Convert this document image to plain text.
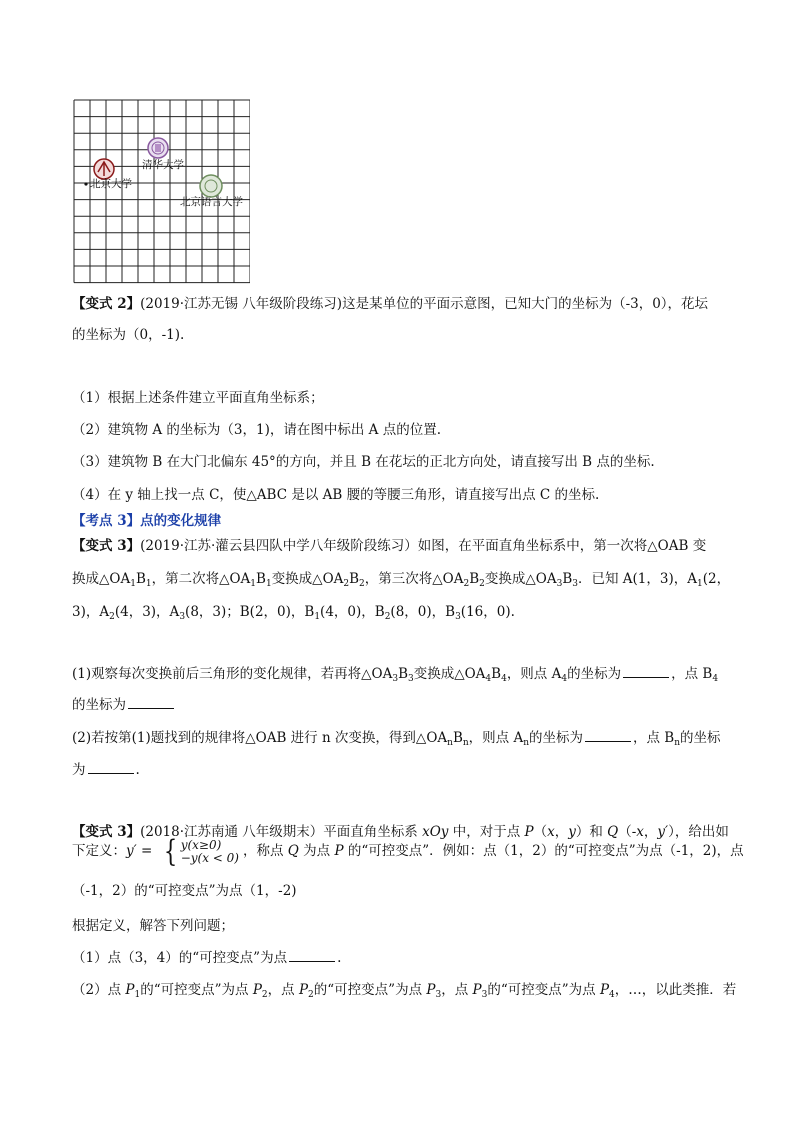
清华大学
北京大学
北京语言大学
【变式 2】(2019·江苏无锡 八年级阶段练习)这是某单位的平面示意图，已知大门的坐标为（-3，0），花坛
的坐标为（0，-1).
（1）根据上述条件建立平面直角坐标系；
（2）建筑物 A 的坐标为（3，1)，请在图中标出 A 点的位置.
（3）建筑物 B 在大门北偏东 45°的方向，并且 B 在花坛的正北方向处，请直接写出 B 点的坐标.
（4）在 y 轴上找一点 C，使△ABC 是以 AB 腰的等腰三角形，请直接写出点 C 的坐标.
【考点 3】点的变化规律
【变式 3】(2019·江苏·灌云县四队中学八年级阶段练习）如图，在平面直角坐标系中，第一次将△OAB 变
换成$\triangle OA_1B_1$，第二次将$\triangle OA_1B_1$变换成$\triangle OA_2B_2$，第三次将$\triangle OA_2B_2$变换成$\triangle OA_3B_3$．已知 A(1，3)，$A_1(2$，
3)，$A_2(4$，3)，$A_3(8$，3)；B(2，0)，$B_1(4$，0)，$B_2(8$，0)，$B_3(16$，0).
(1)观察每次变换前后三角形的变化规律，若再将$\triangle OA_3B_3$变换成$\triangle OA_4B_4$，则点 $A_4$的坐标为	，点 $B_4$
的坐标为
(2)若按第(1)题找到的规律将△OAB 进行 n 次变换，得到$\triangle OA_nB_n$，则点 $A_n$的坐标为	，点 $B_n$的坐标
为	.
【变式 3】(2018·江苏南通 八年级期末）平面直角坐标系 xOy 中，对于点 P（x，y）和 Q（-x，y′），给出如
下定义：y′ = { y(x≥0)
−y(x < 0) ，称点 Q 为点 P 的“可控变点”．例如：点（1，2）的“可控变点”为点（-1，2)，点
（-1，2）的“可控变点”为点（1，-2)
根据定义，解答下列问题；
（1）点（3，4）的“可控变点”为点	.
（2）点 $P_1$的“可控变点”为点 $P_2$，点 $P_2$的“可控变点”为点 $P_3$，点 $P_3$的“可控变点”为点 $P_4$，…，以此类推．若
